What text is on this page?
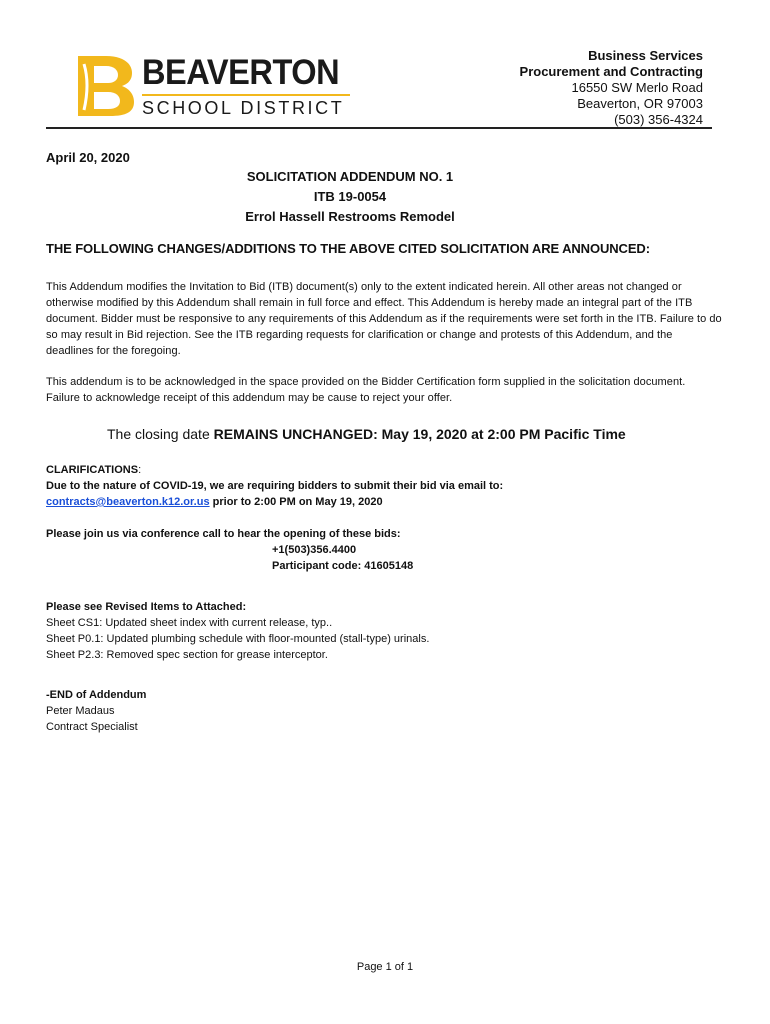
BEAVERTON
SCHOOL DISTRICT
Business Services
Procurement and Contracting
16550 SW Merlo Road
Beaverton, OR 97003
(503) 356-4324
April 20, 2020
SOLICITATION ADDENDUM NO. 1
ITB 19-0054
Errol Hassell Restrooms Remodel
THE FOLLOWING CHANGES/ADDITIONS TO THE ABOVE CITED SOLICITATION ARE ANNOUNCED:
This Addendum modifies the Invitation to Bid (ITB) document(s) only to the extent indicated herein. All other areas not changed or otherwise modified by this Addendum shall remain in full force and effect. This Addendum is hereby made an integral part of the ITB document. Bidder must be responsive to any requirements of this Addendum as if the requirements were set forth in the ITB. Failure to do so may result in Bid rejection. See the ITB regarding requests for clarification or change and protests of this Addendum, and the deadlines for the foregoing.
This addendum is to be acknowledged in the space provided on the Bidder Certification form supplied in the solicitation document. Failure to acknowledge receipt of this addendum may be cause to reject your offer.
The closing date REMAINS UNCHANGED: May 19, 2020 at 2:00 PM Pacific Time
CLARIFICATIONS:
Due to the nature of COVID-19, we are requiring bidders to submit their bid via email to:
contracts@beaverton.k12.or.us prior to 2:00 PM on May 19, 2020
Please join us via conference call to hear the opening of these bids:
+1(503)356.4400
Participant code: 41605148
Please see Revised Items to Attached:
Sheet CS1: Updated sheet index with current release, typ..
Sheet P0.1: Updated plumbing schedule with floor-mounted (stall-type) urinals.
Sheet P2.3: Removed spec section for grease interceptor.
-END of Addendum
Peter Madaus
Contract Specialist
Page 1 of 1
